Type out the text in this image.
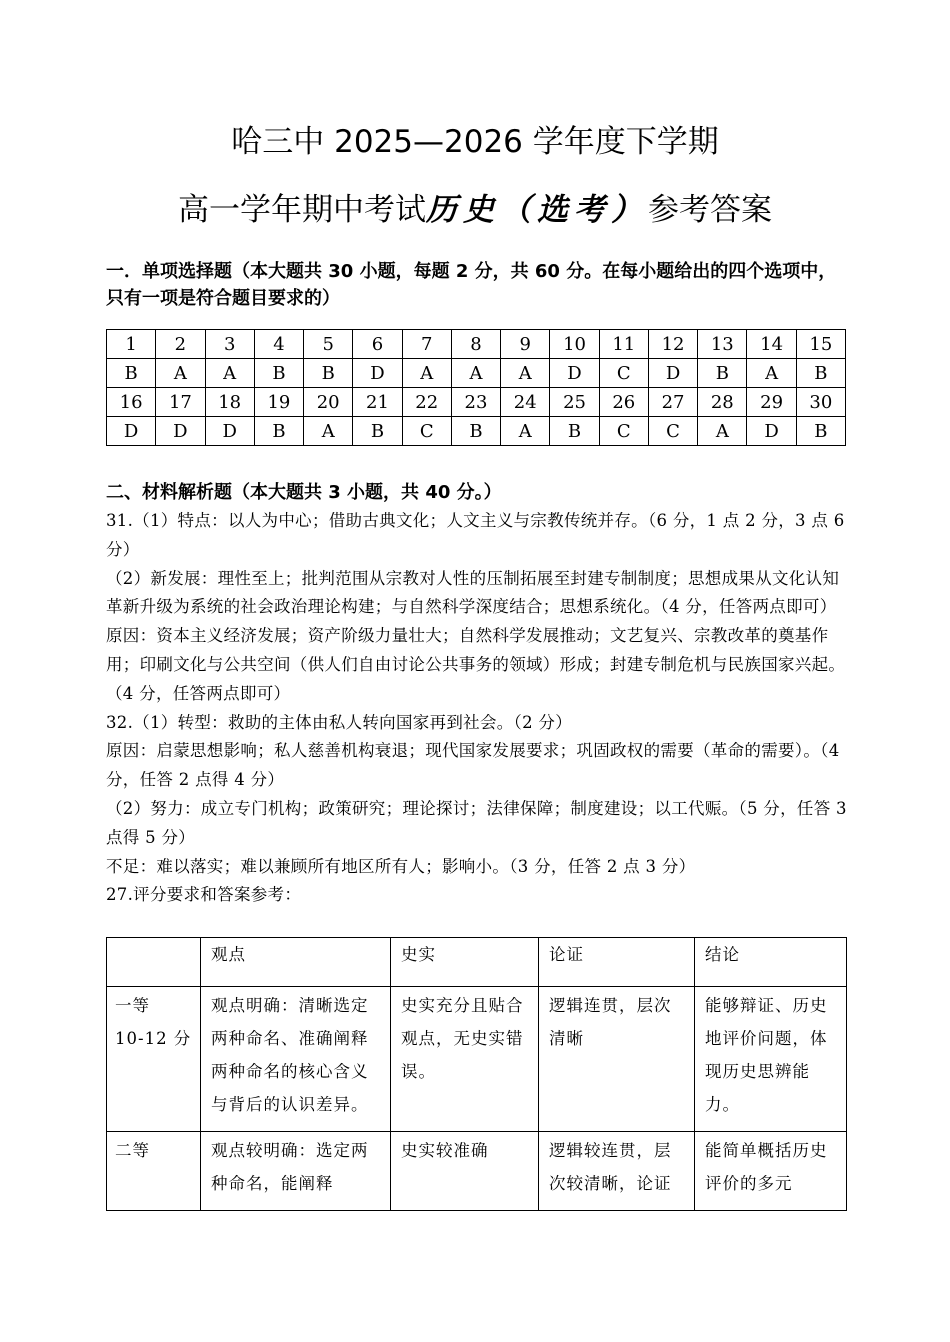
哈三中 2025—2026 学年度下学期
高一学年期中考试历史（选考）参考答案
一．单项选择题（本大题共 30 小题，每题 2 分，共 60 分。在每小题给出的四个选项中，只有一项是符合题目要求的）
1	2	3	4	5	6	7	8	9	10	11	12	13	14	15
B	A	A	B	B	D	A	A	A	D	C	D	B	A	B
16	17	18	19	20	21	22	23	24	25	26	27	28	29	30
D	D	D	B	A	B	C	B	A	B	C	C	A	D	B
二、材料解析题（本大题共 3 小题，共 40 分。）

31.（1）特点：以人为中心；借助古典文化；人文主义与宗教传统并存。（6 分，1 点 2 分，3 点 6 分）

（2）新发展：理性至上；批判范围从宗教对人性的压制拓展至封建专制制度；思想成果从文化认知革新升级为系统的社会政治理论构建；与自然科学深度结合；思想系统化。（4 分，任答两点即可）

原因：资本主义经济发展；资产阶级力量壮大；自然科学发展推动；文艺复兴、宗教改革的奠基作用；印刷文化与公共空间（供人们自由讨论公共事务的领域）形成；封建专制危机与民族国家兴起。（4 分，任答两点即可）

32.（1）转型：救助的主体由私人转向国家再到社会。（2 分）

原因：启蒙思想影响；私人慈善机构衰退；现代国家发展要求；巩固政权的需要（革命的需要）。（4 分，任答 2 点得 4 分）

（2）努力：成立专门机构；政策研究；理论探讨；法律保障；制度建设；以工代赈。（5 分，任答 3 点得 5 分）

不足：难以落实；难以兼顾所有地区所有人；影响小。（3 分，任答 2 点 3 分）

27.评分要求和答案参考：

	观点	史实	论证	结论

一等
10-12 分	观点明确：清晰选定两种命名、准确阐释两种命名的核心含义与背后的认识差异。	史实充分且贴合观点，无史实错误。	逻辑连贯，层次清晰	能够辩证、历史地评价问题，体现历史思辨能力。

二等	观点较明确：选定两种命名，能阐释	史实较准确	逻辑较连贯，层次较清晰，论证	能简单概括历史评价的多元
